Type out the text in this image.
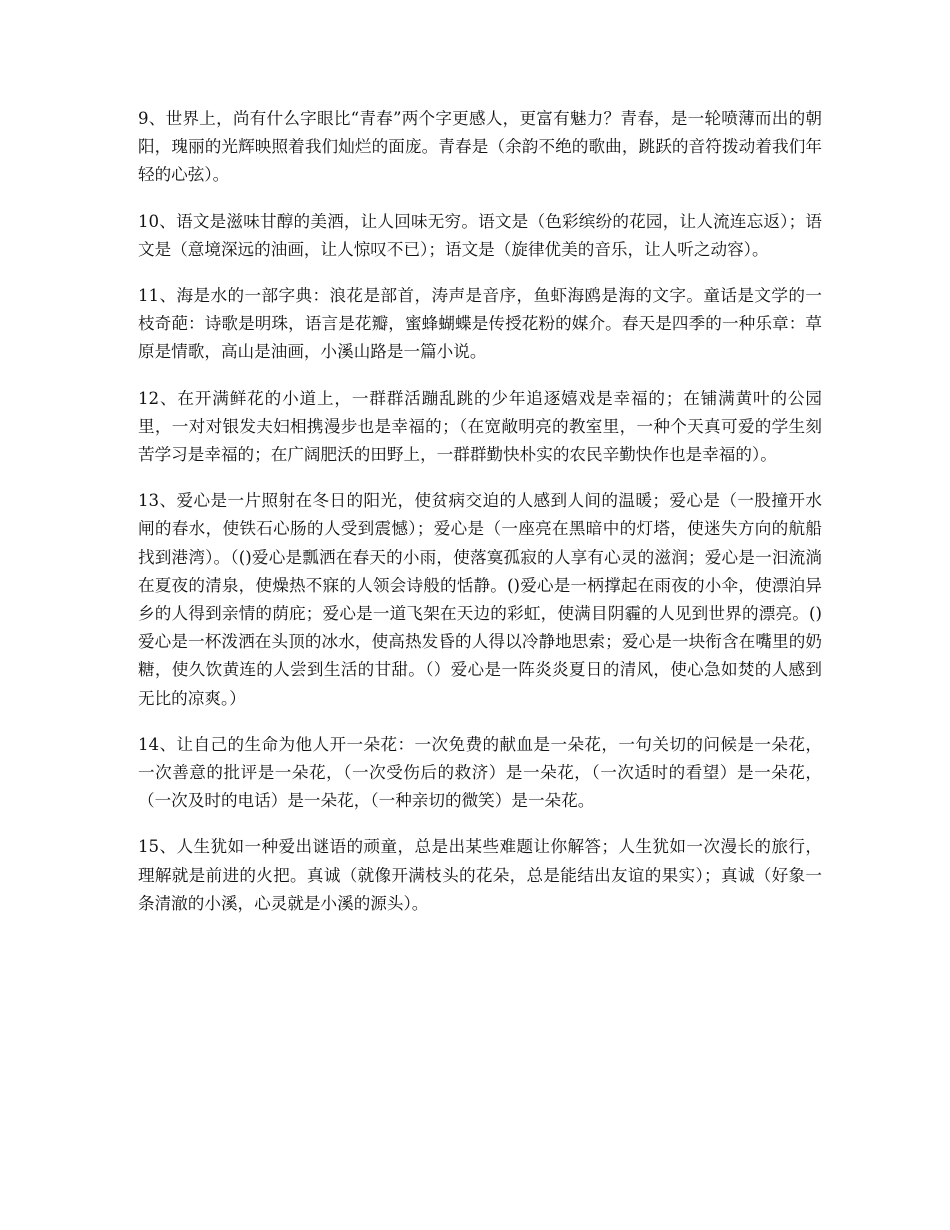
9、世界上，尚有什么字眼比“青春”两个字更感人，更富有魅力？青春，是一轮喷薄而出的朝阳，瑰丽的光辉映照着我们灿烂的面庞。青春是（余韵不绝的歌曲，跳跃的音符拨动着我们年轻的心弦）。

10、语文是滋味甘醇的美酒，让人回味无穷。语文是（色彩缤纷的花园，让人流连忘返）；语文是（意境深远的油画，让人惊叹不已）；语文是（旋律优美的音乐，让人听之动容）。

11、海是水的一部字典：浪花是部首，涛声是音序，鱼虾海鸥是海的文字。童话是文学的一枝奇葩：诗歌是明珠，语言是花瓣，蜜蜂蝴蝶是传授花粉的媒介。春天是四季的一种乐章：草原是情歌，高山是油画，小溪山路是一篇小说。

12、在开满鲜花的小道上，一群群活蹦乱跳的少年追逐嬉戏是幸福的；在铺满黄叶的公园里，一对对银发夫妇相携漫步也是幸福的；（在宽敞明亮的教室里，一种个天真可爱的学生刻苦学习是幸福的；在广阔肥沃的田野上，一群群勤快朴实的农民辛勤快作也是幸福的）。

13、爱心是一片照射在冬日的阳光，使贫病交迫的人感到人间的温暖；爱心是（一股撞开水闸的春水，使铁石心肠的人受到震憾）；爱心是（一座亮在黑暗中的灯塔，使迷失方向的航船找到港湾）。（()爱心是瓢洒在春天的小雨，使落寞孤寂的人享有心灵的滋润；爱心是一汩流淌在夏夜的清泉，使燥热不寐的人领会诗般的恬静。()爱心是一柄撑起在雨夜的小伞，使漂泊异乡的人得到亲情的荫庇；爱心是一道飞架在天边的彩虹，使满目阴霾的人见到世界的漂亮。()爱心是一杯泼洒在头顶的冰水，使高热发昏的人得以冷静地思索；爱心是一块衔含在嘴里的奶糖，使久饮黄连的人尝到生活的甘甜。（）爱心是一阵炎炎夏日的清风，使心急如焚的人感到无比的凉爽。）

14、让自己的生命为他人开一朵花：一次免费的献血是一朵花，一句关切的问候是一朵花，一次善意的批评是一朵花，（一次受伤后的救济）是一朵花，（一次适时的看望）是一朵花，（一次及时的电话）是一朵花，（一种亲切的微笑）是一朵花。

15、人生犹如一种爱出谜语的顽童，总是出某些难题让你解答；人生犹如一次漫长的旅行，理解就是前进的火把。真诚（就像开满枝头的花朵，总是能结出友谊的果实）；真诚（好象一条清澈的小溪，心灵就是小溪的源头）。
